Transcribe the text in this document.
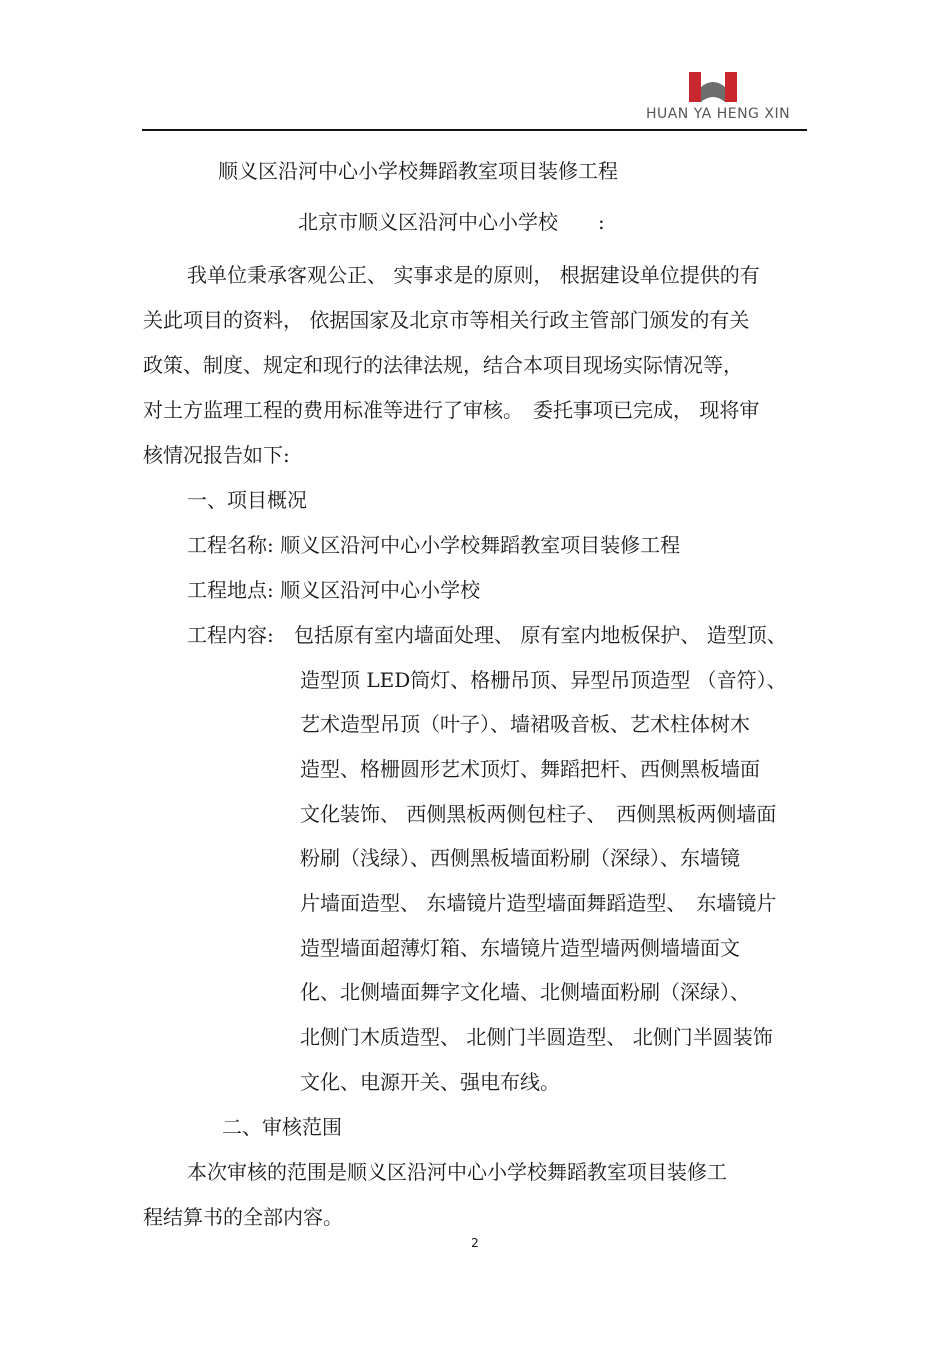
HUAN YA HENG XIN
顺义区沿河中心小学校舞蹈教室项目装修工程
北京市顺义区沿河中心小学校　　:
我单位秉承客观公正、 实事求是的原则， 根据建设单位提供的有
关此项目的资料， 依据国家及北京市等相关行政主管部门颁发的有关
政策、制度、规定和现行的法律法规，结合本项目现场实际情况等，
对土方监理工程的费用标准等进行了审核。　委托事项已完成， 现将审
核情况报告如下:
一、项目概况
工程名称: 顺义区沿河中心小学校舞蹈教室项目装修工程
工程地点: 顺义区沿河中心小学校
工程内容: 包括原有室内墙面处理、 原有室内地板保护、 造型顶、
造型顶 LED筒灯、格栅吊顶、异型吊顶造型 （音符）、
艺术造型吊顶（叶子）、墙裙吸音板、艺术柱体树木
造型、格栅圆形艺术顶灯、舞蹈把杆、西侧黑板墙面
文化装饰、 西侧黑板两侧包柱子、　西侧黑板两侧墙面
粉刷（浅绿）、西侧黑板墙面粉刷（深绿）、东墙镜
片墙面造型、 东墙镜片造型墙面舞蹈造型、　东墙镜片
造型墙面超薄灯箱、东墙镜片造型墙两侧墙墙面文
化、北侧墙面舞字文化墙、北侧墙面粉刷（深绿）、
北侧门木质造型、 北侧门半圆造型、 北侧门半圆装饰
文化、电源开关、强电布线。
二、审核范围
本次审核的范围是顺义区沿河中心小学校舞蹈教室项目装修工
程结算书的全部内容。
2
